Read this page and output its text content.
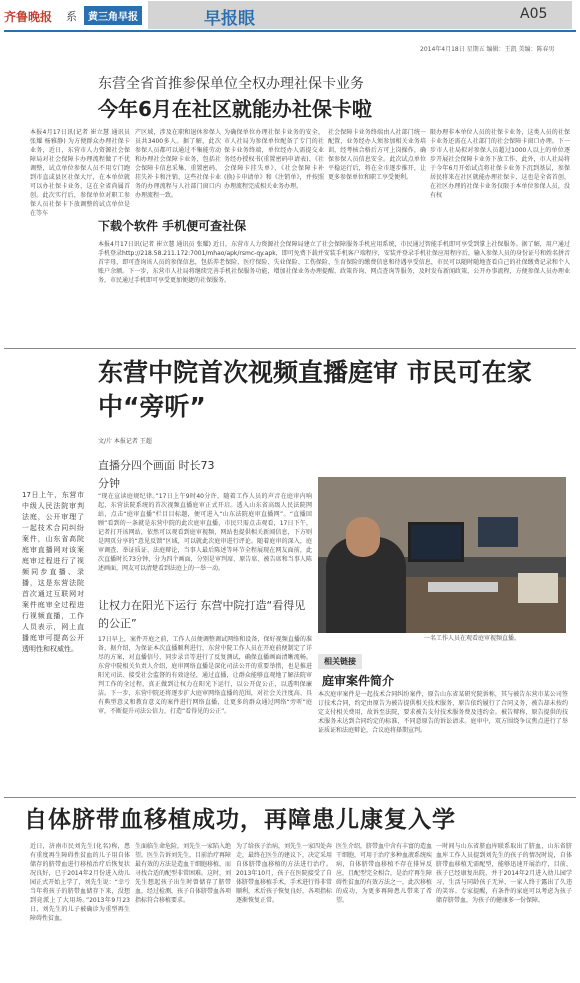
齐鲁晚报 系	黄三角早报	早报眼	A05
2014年4月18日 星期五 编辑：王凯 美编：陈春男
东营全省首推参保单位全权办理社保卡业务
今年6月在社区就能办社保卡啦
本报4月17日讯(记者 崔立慧 通讯员 张耀 杨雅静) 为方便群众办理社保卡业务，近日，东营市人力资源社会保障局对社会保障卡办理流程做了不优调整，试点单位参保人员不用专门跑到市直或县区社保大厅，在本单位就可以办社保卡业务，这在全省尚属首创。此次实行后，参保单位对职工参保人员社保卡下放调整的试点单位是在等车
产区域，涉及在职和退休参保人员共3400多人。据了解，此次参保人员都可以通过不集能劳动和办理社会保障卡业务，包括社会保障卡信息采集、重置密码、挂失补卡和注销，这些社保卡业务的办理流程与人社部门窗口内办理流程一致。
为确保单位办理社保卡业务的安全，市人社局为参保单位配备了专门的社保卡业务终端，单位经办人需提交业务经办授权书(重置密码申请表)、《社会保障卡挂失单》、《社会保障卡补(换)卡申请单》和《注销单》，并按照办理流程完成相关业务办理。
社会保障卡业务终端由人社部门统一配置，业务经办人须参加相关业务培训，经考核合格后方可上岗操作，确保参保人员信息安全。此次试点单位平稳运行后，将在全市逐步推开，让更多参保单位和职工享受便利。
限办理非本单位人员的社保卡业务，这类人员的社保卡业务还需在人社部门的社会保障卡窗口办理。下一步市人社局拟对参保人员超过1000人以上的单位逐步开展社会保障卡业务下放工作，此外，市人社局将于今年6月开始试点将社保卡业务下沉到基层，参保居民将来在社区就能办理社保卡，这也是全省首创，在社区办理的社保卡业务仅限于本单位参保人员，没有权
下载个软件 手机便可查社保
本报4月17日讯(记者 崔立慧 通讯员 张耀) 近日，东营市人力资源社会保障局建立了社会保障服务手机应用系统，市民通过智能手机即可享受到掌上社保服务。据了解，用户通过手机登录http://218.58.211.172:7001/mhao/apk/rsmc-qy.apk，即可免费下载并安装手机客户端程序，安装并登录手机社保应用程序后，输入参保人员的身份证号和姓名拼音首字母，即可查询该人员的参保信息，包括养老保险、医疗保险、失业保险、工伤保险、生育保险的缴费信息和待遇享受信息，市民可以随时随地查看自己的社保缴费记录和个人账户余额。下一步，东营市人社局将继续完善手机社保服务功能，增加社保业务办理提醒、政策咨询、网点查询等服务，及时发布新闻政策，公开办事流程，方便参保人员办理业务，市民通过手机即可享受更加便捷的社保服务。
东营中院首次视频直播庭审 市民可在家中“旁听”
文/片 本报记者 王超
直播分四个画面 时长73分钟
17日上午，东营市中级人民法院审判法庭，公开审理了一起技术合同纠纷案件，山东省高院庭审直播网对该案庭审过程进行了视频同步直播、录播，这是东营法院首次通过互联网对案件庭审全过程进行视频直播，工作人员表示，网上直播庭审可提高公开透明性和权威性。
“现在宣读庭规纪律。”17日上午9时40分许，随着工作人员的声音在庭审内响起，东营法院系统的首次视频直播庭审正式开启。透入山东省高级人民法院网站，点击“庭审直播”栏目目标题，便可进入“山东法院庭审直播网”。“直播回顾”看到的一条就是东营中院的此次庭审直播，市民只需点击观看，17日下午，记者打开该网站，依然可以观看到庭审视频，网站也提供相关新闻信息，下方则是网页分享的“意见反馈”区域，可以就此次庭审进行评论。随着庭审的深入，庭审调查、举证质证、法庭辩论，当事人最后陈述等环节全程展现在网友面前，此次直播时长73分钟，分为四个画面，分别是审判席、原告席、被告席和当事人陈述画面，网友可以清楚看到法庭上的一举一动。
让权力在阳光下运行 东营中院打造“看得见的公正”
17日早上，案件开庭之前，工作人员便调整调试网络和设备，保好视频直播的准备，据介绍，为保证本次直播顺利进行，东营中院工作人员在开庭前便制定了详尽的方案，对直播信号、同步录音等进行了反复测试，确保直播画面清晰流畅。东营中院相关负责人介绍，庭审网络直播是深化司法公开的重要举措，也是推进阳光司法、接受社会监督的有效途径，通过直播，让群众能够直观地了解法院审判工作的全过程，真正做到让权力在阳光下运行，以公开促公正，以透明保廉洁。下一步，东营中院还将逐步扩大庭审网络直播的范围，对社会关注度高、具有典型意义和教育意义的案件进行网络直播，让更多的群众通过网络“旁听”庭审，不断提升司法公信力，打造“看得见的公正”。
一名工作人员在观看庭审视频直播。
相关链接
庭审案件简介
本次庭审案件是一起技术合同纠纷案件，原告山东省某研究院诉称，其与被告东营市某公司签订技术合同，约定由原告为被告提供相关技术服务，原告依约履行了合同义务，被告却未按约定支付相关费用，故诉至法院，要求被告支付技术服务费及违约金。被告辩称，原告提供的技术服务未达到合同约定的标准，不同意原告的诉讼请求。庭审中，双方围绕争议焦点进行了举证质证和法庭辩论，合议庭将择期宣判。
自体脐带血移植成功，再障患儿康复入学
近日，济南市民刘先生(化名)称，患有重度再生障碍性贫血的儿子用自体储存的脐带血进行移植治疗后恢复状况良好，已于2014年2月份进入幼儿园正式开始上学了，刘先生说：“幸亏当年将孩子的脐带血储存下来，没想到竟派上了大用场。”2013年9月23日，刘先生的儿子被确诊为重型再生障碍性贫血，
生面临生命危险，刘先生一家陷入绝望。医生告诉刘先生，目前治疗再障最有效的方法是造血干细胞移植，而寻找合适的配型非常困难。这时，刘先生想起孩子出生时曾储存了脐带血，经过检测，孩子自体脐带血各项指标符合移植要求。
为了给孩子治病，刘先生一家四处奔走，最终在医生的建议下，决定采用自体脐带血移植的方法进行治疗。2013年10月，孩子在医院接受了自体脐带血移植手术，手术进行得非常顺利，术后孩子恢复良好，各项指标逐渐恢复正常。
医生介绍，脐带血中含有丰富的造血干细胞，可用于治疗多种血液系统疾病，自体脐带血移植不存在排异反应，且配型完全相合，是治疗再生障碍性贫血的有效方法之一，此次移植的成功，为更多再障患儿带来了希望。
一时间与山东省脐血库联系取出了脐血，山东省脐血库工作人员提到刘先生的孩子的情况时说，自体脐带血移植无需配型，能够迅速开展治疗，目前，孩子已经康复出院，并于2014年2月进入幼儿园学习，生活与同龄孩子无异，一家人终于露出了久违的笑容。专家提醒，有条件的家庭可以考虑为孩子储存脐带血，为孩子的健康多一份保障。
